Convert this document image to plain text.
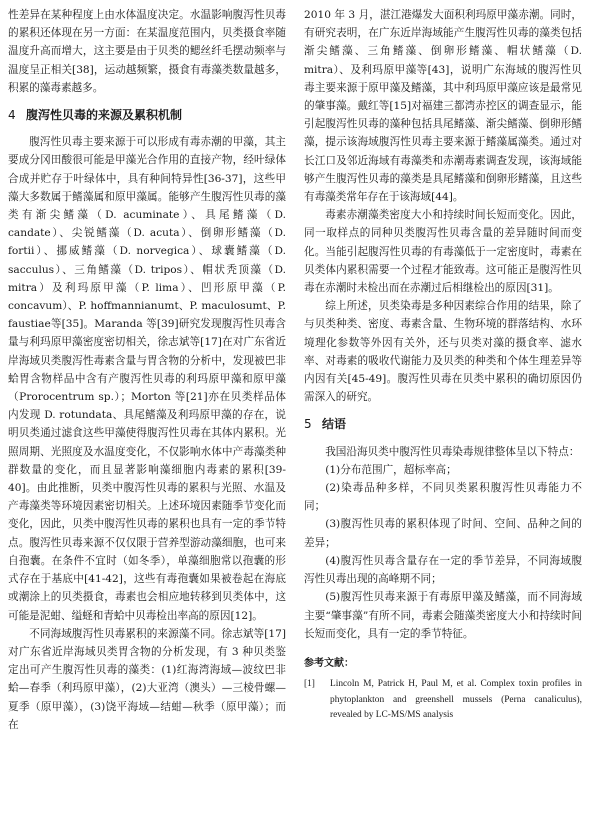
性差异在某种程度上由水体温度决定。水温影响腹泻性贝毒的累积还体现在另一方面：在某温度范围内，贝类摄食率随温度升高而增大，这主要是由于贝类的鳃丝纤毛摆动频率与温度呈正相关[38]，运动越频繁，摄食有毒藻类数量越多，积累的藻毒素越多。

4 腹泻性贝毒的来源及累积机制

腹泻性贝毒主要来源于可以形成有毒赤潮的甲藻，其主要成分冈田酸很可能是甲藻光合作用的直接产物，经叶绿体合成并贮存于叶绿体中，具有种间特异性[36-37]，这些甲藻大多数属于鳍藻属和原甲藻属。能够产生腹泻性贝毒的藻类有渐尖鳍藻（D. acuminate）、具尾鳍藻（D. candate）、尖锐鳍藻（D. acuta）、倒卵形鳍藻（D. fortii）、挪威鳍藻（D. norvegica）、球囊鳍藻（D. sacculus）、三角鳍藻（D. tripos）、帽状秃顶藻（D. mitra）及利玛原甲藻（P. lima）、凹形原甲藻（P. concavum）、P. hoffmannianumt、P. maculosumt、P. faustiae等[35]。Maranda 等[39]研究发现腹泻性贝毒含量与利玛原甲藻密度密切相关，徐志斌等[17]在对广东省近岸海域贝类腹泻性毒素含量与胃含物的分析中，发现被巴非蛤胃含物样品中含有产腹泻性贝毒的利玛原甲藻和原甲藻（Prorocentrum sp.）；Morton 等[21]亦在贝类样品体内发现 D. rotundata、具尾鳍藻及利玛原甲藻的存在，说明贝类通过滤食这些甲藻使得腹泻性贝毒在其体内累积。光照周期、光照度及水温度变化，不仅影响水体中产毒藻类种群数量的变化，而且显著影响藻细胞内毒素的累积[39-40]。由此推断，贝类中腹泻性贝毒的累积与光照、水温及产毒藻类等环境因素密切相关。上述环境因素随季节变化而变化，因此，贝类中腹泻性贝毒的累积也具有一定的季节特点。腹泻性贝毒来源不仅仅限于营养型游动藻细胞，也可来自孢囊。在条件不宜时（如冬季），单藻细胞常以孢囊的形式存在于基底中[41-42]，这些有毒孢囊如果被卷起在海底或潮涂上的贝类摄食，毒素也会相应地转移到贝类体中，这可能是泥蚶、缢蛏和青蛤中贝毒检出率高的原因[12]。

不同海域腹泻性贝毒累积的来源藻不同。徐志斌等[17]对广东省近岸海域贝类胃含物的分析发现，有 3 种贝类鉴定出可产生腹泻性贝毒的藻类：(1)红海湾海域—波纹巴非蛤—春季（利玛原甲藻），(2)大亚湾（澳头）—三棱骨螺—夏季（原甲藻），(3)饶平海域—结蚶—秋季（原甲藻）；而在

2010 年 3 月，湛江港爆发大面积利玛原甲藻赤潮。同时，有研究表明，在广东近岸海域能产生腹泻性贝毒的藻类包括渐尖鳍藻、三角鳍藻、倒卵形鳍藻、帽状鳍藻（D. mitra）、及利玛原甲藻等[43]，说明广东海域的腹泻性贝毒主要来源于原甲藻及鳍藻，其中利玛原甲藻应该是最常见的肇事藻。戴红等[15]对福建三都湾赤控区的调查显示，能引起腹泻性贝毒的藻种包括具尾鳍藻、渐尖鳍藻、倒卵形鳍藻，提示该海域腹泻性贝毒主要来源于鳍藻属藻类。通过对长江口及邻近海域有毒藻类和赤潮毒素调查发现，该海域能够产生腹泻性贝毒的藻类是具尾鳍藻和倒卵形鳍藻，且这些有毒藻类常年存在于该海域[44]。

毒素赤潮藻类密度大小和持续时间长短而变化。因此，同一取样点的同种贝类腹泻性贝毒含量的差异随时间而变化。当能引起腹泻性贝毒的有毒藻低于一定密度时，毒素在贝类体内累积需要一个过程才能致毒。这可能正是腹泻性贝毒在赤潮时未检出而在赤潮过后相继检出的原因[31]。

综上所述，贝类染毒是多种因素综合作用的结果，除了与贝类种类、密度、毒素含量、生物环境的群落结构、水环境理化参数等外因有关外，还与贝类对藻的摄食率、滤水率、对毒素的吸收代谢能力及贝类的种类和个体生理差异等内因有关[45-49]。腹泻性贝毒在贝类中累积的确切原因仍需深入的研究。

5 结语

我国沿海贝类中腹泻性贝毒染毒规律整体呈以下特点：

(1)分布范围广，超标率高；

(2)染毒品种多样，不同贝类累积腹泻性贝毒能力不同；

(3)腹泻性贝毒的累积体现了时间、空间、品种之间的差异；

(4)腹泻性贝毒含量存在一定的季节差异，不同海域腹泻性贝毒出现的高峰期不同；

(5)腹泻性贝毒来源于有毒原甲藻及鳍藻，而不同海域主要“肇事藻”有所不同，毒素会随藻类密度大小和持续时间长短而变化，具有一定的季节特征。

参考文献：
[1]	Lincoln M, Patrick H, Paul M, et al. Complex toxin profiles in phytoplankton and greenshell mussels (Perna canaliculus), revealed by LC-MS/MS analysis
